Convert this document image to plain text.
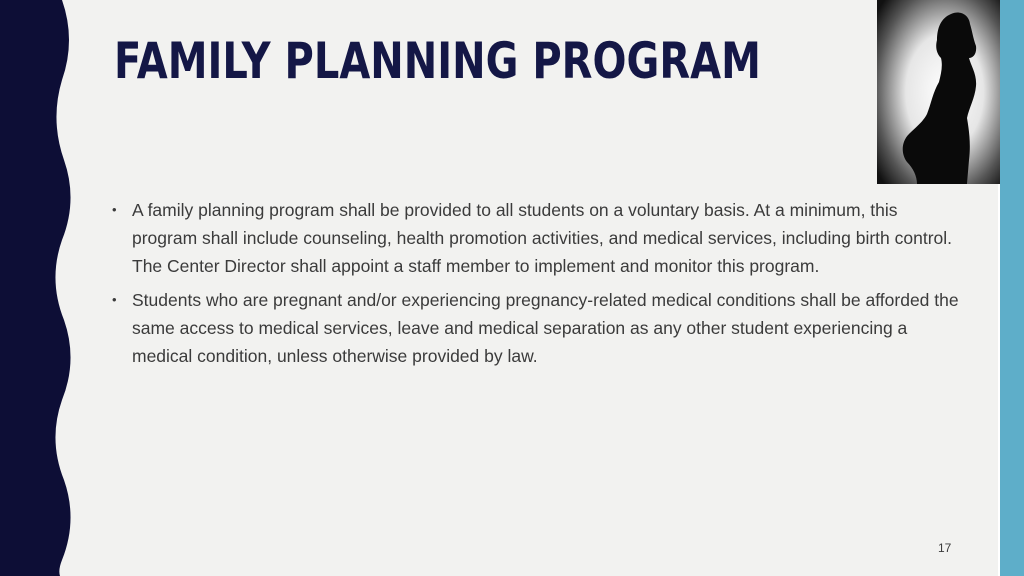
FAMILY PLANNING PROGRAM
• A family planning program shall be provided to all students on a voluntary basis. At a minimum, this program shall include counseling, health promotion activities, and medical services, including birth control. The Center Director shall appoint a staff member to implement and monitor this program.
• Students who are pregnant and/or experiencing pregnancy-related medical conditions shall be afforded the same access to medical services, leave and medical separation as any other student experiencing a medical condition, unless otherwise provided by law.
17
